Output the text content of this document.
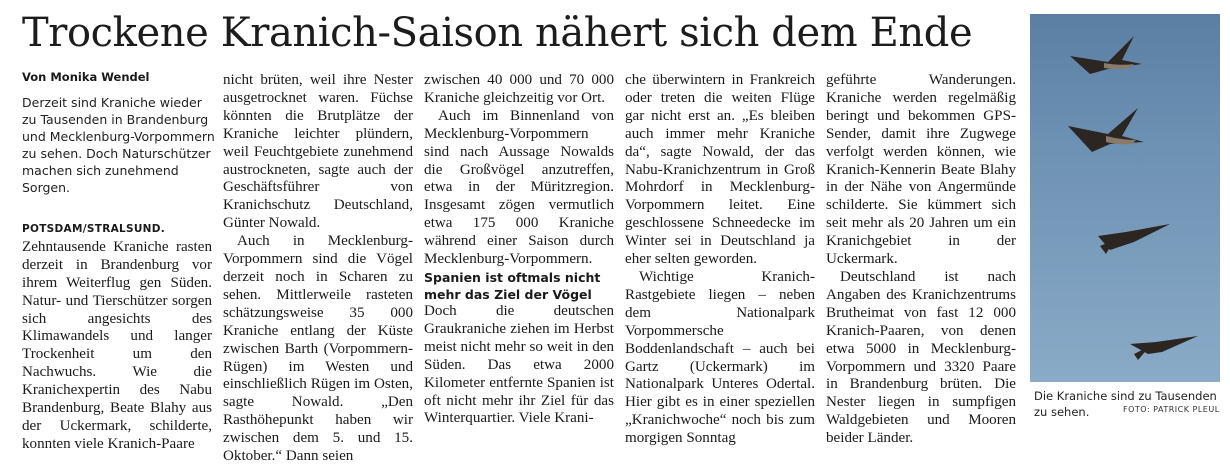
Trockene Kranich-Saison nähert sich dem Ende
Von Monika Wendel
Derzeit sind Kraniche wieder zu Tausenden in Brandenburg und Mecklenburg-Vorpommern zu sehen. Doch Naturschützer machen sich zunehmend Sorgen.

POTSDAM/STRALSUND. Zehntausende Kraniche rasten derzeit in Brandenburg vor ihrem Weiterflug gen Süden. Natur- und Tierschützer sorgen sich angesichts des Klimawandels und langer Trockenheit um den Nachwuchs. Wie die Kranichexpertin des Nabu Brandenburg, Beate Blahy aus der Uckermark, schilderte, konnten viele Kranich-Paare

nicht brüten, weil ihre Nester ausgetrocknet waren. Füchse könnten die Brutplätze der Kraniche leichter plündern, weil Feuchtgebiete zunehmend austrockneten, sagte auch der Geschäftsführer von Kranichschutz Deutschland, Günter Nowald.

Auch in Mecklenburg-Vorpommern sind die Vögel derzeit noch in Scharen zu sehen. Mittlerweile rasteten schätzungsweise 35 000 Kraniche entlang der Küste zwischen Barth (Vorpommern-Rügen) im Westen und einschließlich Rügen im Osten, sagte Nowald. „Den Rasthöhepunkt haben wir zwischen dem 5. und 15. Oktober.“ Dann seien

zwischen 40 000 und 70 000 Kraniche gleichzeitig vor Ort.

Auch im Binnenland von Mecklenburg-Vorpommern sind nach Aussage Nowalds die Großvögel anzutreffen, etwa in der Müritzregion. Insgesamt zögen vermutlich etwa 175 000 Kraniche während einer Saison durch Mecklenburg-Vorpommern.

Spanien ist oftmals nicht mehr das Ziel der Vögel

Doch die deutschen Graukraniche ziehen im Herbst meist nicht mehr so weit in den Süden. Das etwa 2000 Kilometer entfernte Spanien ist oft nicht mehr ihr Ziel für das Winterquartier. Viele Krani-

che überwintern in Frankreich oder treten die weiten Flüge gar nicht erst an. „Es bleiben auch immer mehr Kraniche da“, sagte Nowald, der das Nabu-Kranichzentrum in Groß Mohrdorf in Mecklenburg-Vorpommern leitet. Eine geschlossene Schneedecke im Winter sei in Deutschland ja eher selten geworden.

Wichtige Kranich-Rastgebiete liegen – neben dem Nationalpark Vorpommersche Boddenlandschaft – auch bei Gartz (Uckermark) im Nationalpark Unteres Odertal. Hier gibt es in einer speziellen „Kranichwoche“ noch bis zum morgigen Sonntag

geführte Wanderungen. Kraniche werden regelmäßig beringt und bekommen GPS-Sender, damit ihre Zugwege verfolgt werden können, wie Kranich-Kennerin Beate Blahy in der Nähe von Angermünde schilderte. Sie kümmert sich seit mehr als 20 Jahren um ein Kranichgebiet in der Uckermark.

Deutschland ist nach Angaben des Kranichzentrums Brutheimat von fast 12 000 Kranich-Paaren, von denen etwa 5000 in Mecklenburg-Vorpommern und 3320 Paare in Brandenburg brüten. Die Nester liegen in sumpfigen Waldgebieten und Mooren beider Länder.

Die Kraniche sind zu Tausenden zu sehen.	FOTO: PATRICK PLEUL
